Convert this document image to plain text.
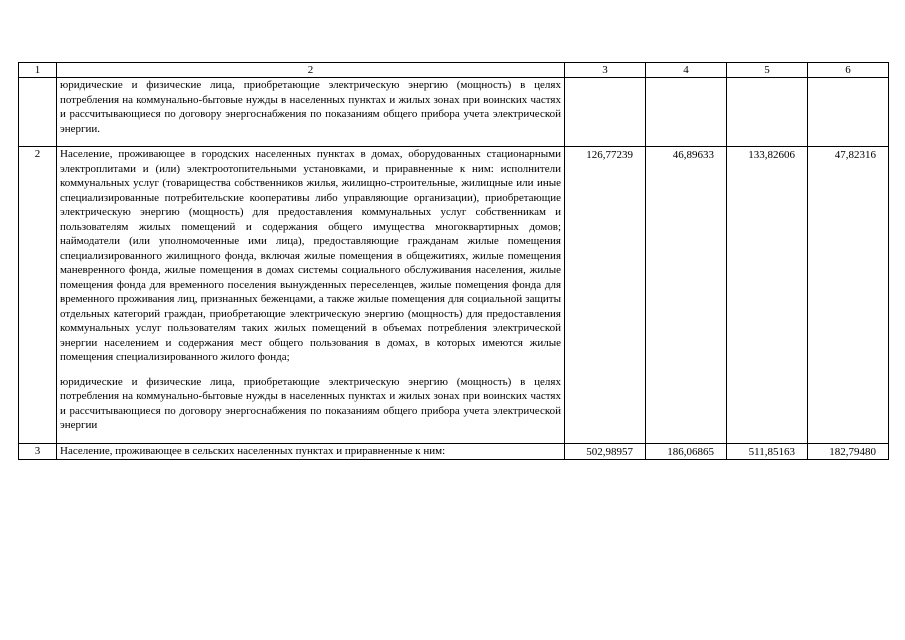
1	2	3	4	5	6

	юридические и физические лица, приобретающие электрическую энергию (мощность) в целях потребления на коммунально-бытовые нужды в населенных пунктах и жилых зонах при воинских частях и рассчитывающиеся по договору энергоснабжения по показаниям общего прибора учета электрической энергии.				

2	Население, проживающее в городских населенных пунктах в домах, оборудованных стационарными электроплитами и (или) электроотопительными установками, и приравненные к ним: исполнители коммунальных услуг (товарищества собственников жилья, жилищно-строительные, жилищные или иные специализированные потребительские кооперативы либо управляющие организации), приобретающие электрическую энергию (мощность) для предоставления коммунальных услуг собственникам и пользователям жилых помещений и содержания общего имущества многоквартирных домов; наймодатели (или уполномоченные ими лица), предоставляющие гражданам жилые помещения специализированного жилищного фонда, включая жилые помещения в общежитиях, жилые помещения маневренного фонда, жилые помещения в домах системы социального обслуживания населения, жилые помещения фонда для временного поселения вынужденных переселенцев, жилые помещения фонда для временного проживания лиц, признанных беженцами, а также жилые помещения для социальной защиты отдельных категорий граждан, приобретающие электрическую энергию (мощность) для предоставления коммунальных услуг пользователям таких жилых помещений в объемах потребления электрической энергии населением и содержания мест общего пользования в домах, в которых имеются жилые помещения специализированного жилого фонда;

юридические и физические лица, приобретающие электрическую энергию (мощность) в целях потребления на коммунально-бытовые нужды в населенных пунктах и жилых зонах при воинских частях и рассчитывающиеся по договору энергоснабжения по показаниям общего прибора учета электрической энергии	126,77239	46,89633	133,82606	47,82316
3	Население, проживающее в сельских населенных пунктах и приравненные к ним:	502,98957	186,06865	511,85163	182,79480
